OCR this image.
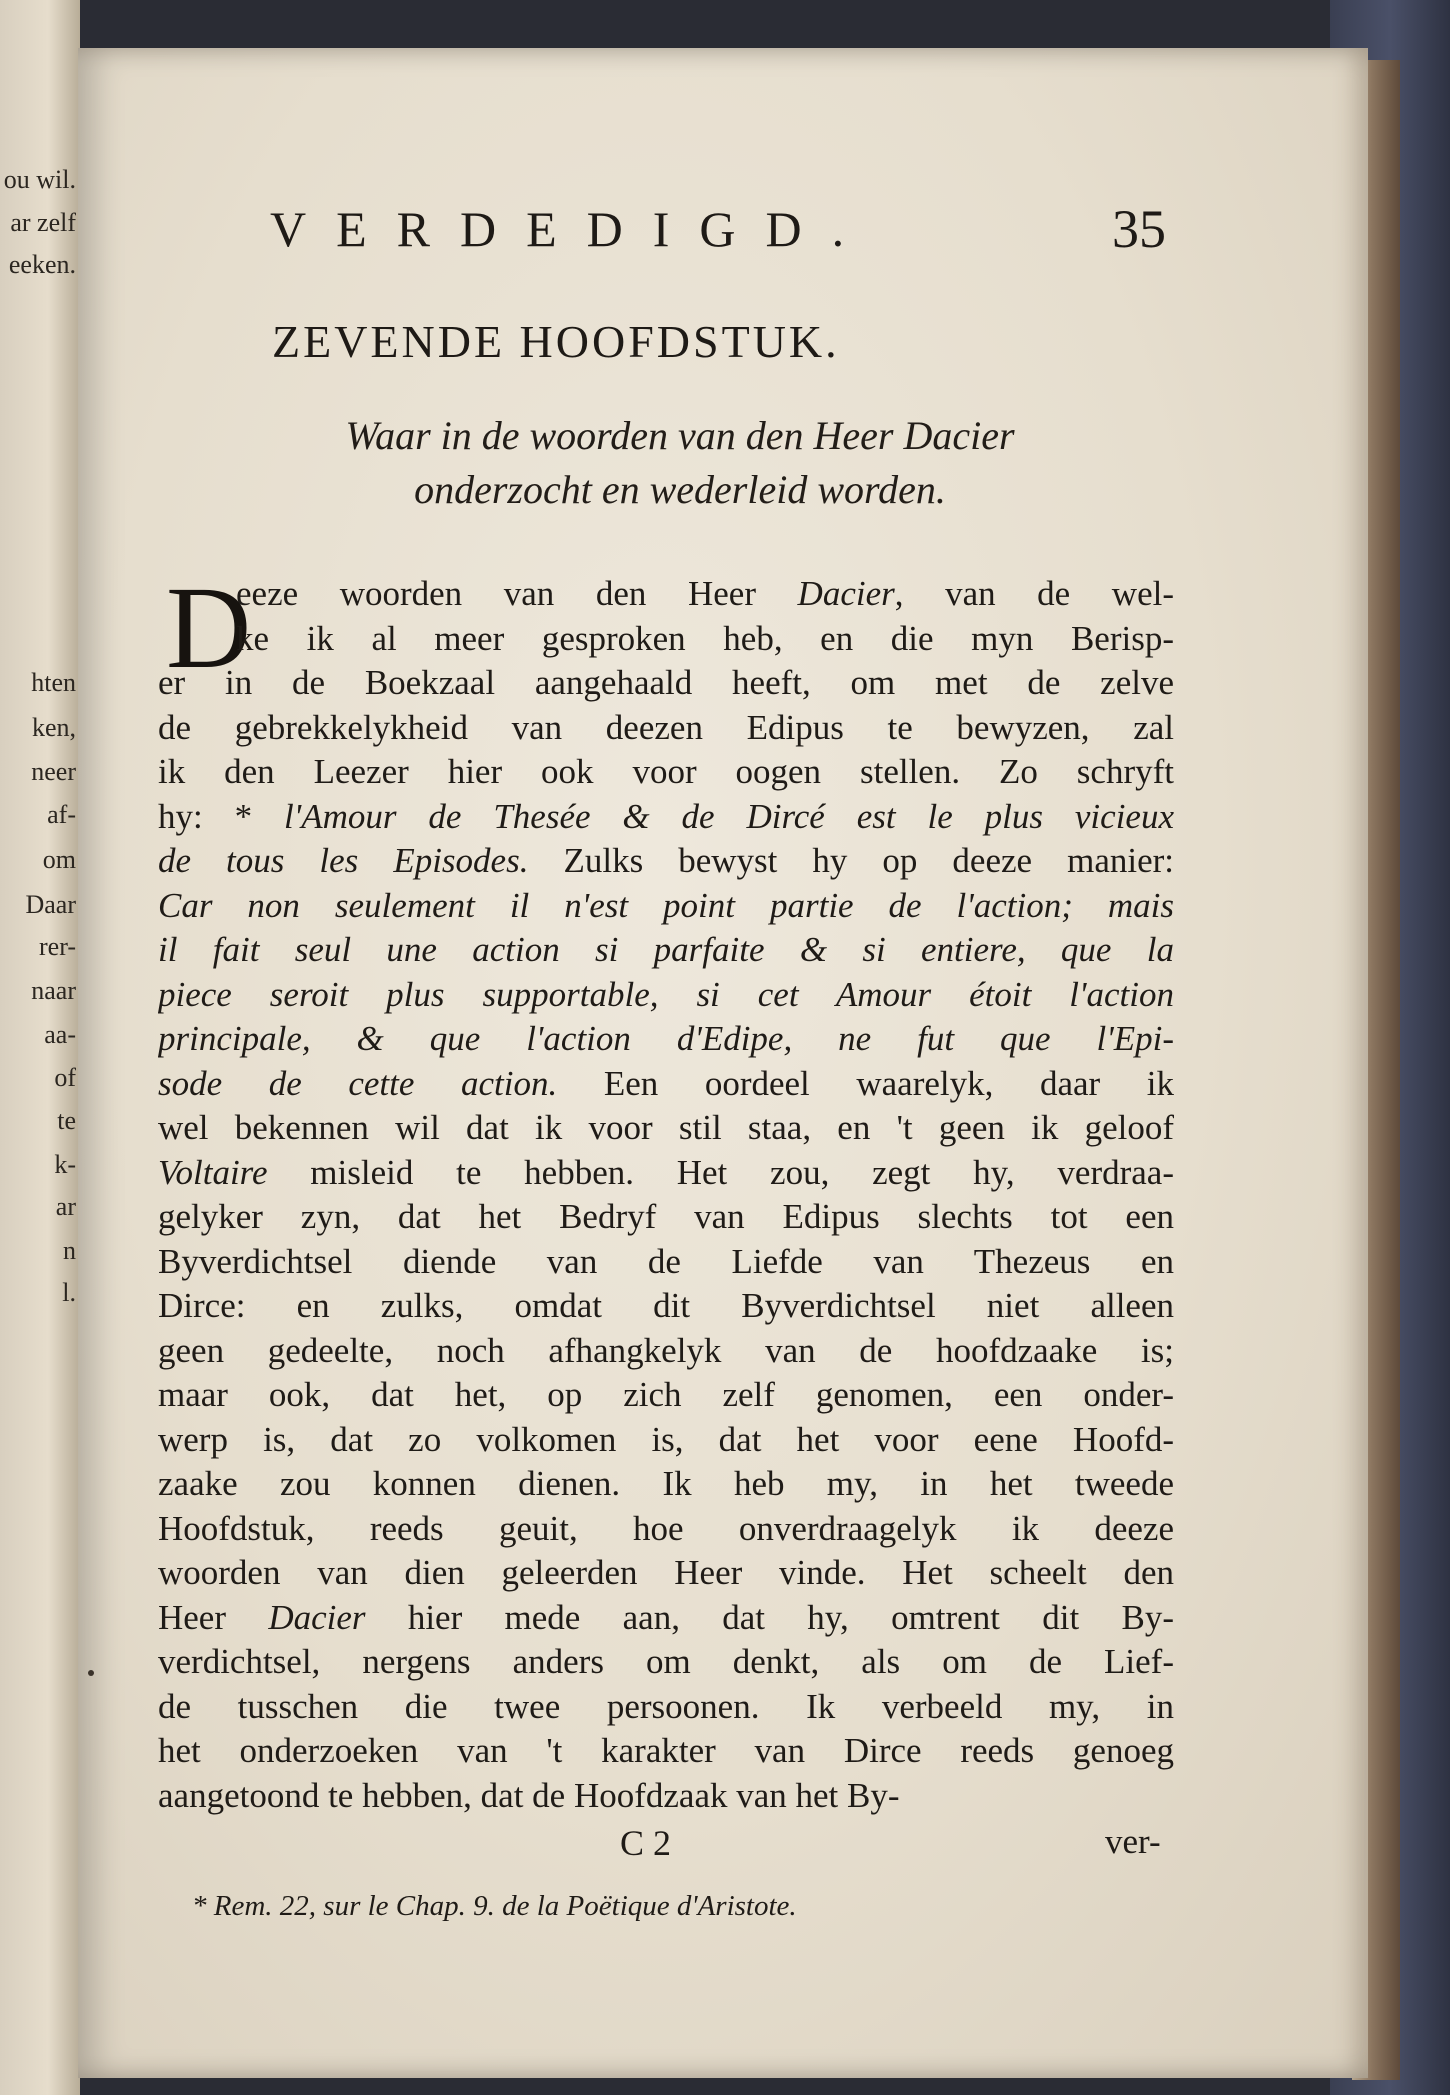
ou wil.
ar zelf
eeken.
hten
ken,
neer
af-
om
Daar
rer-
naar
aa-
of
te
k-
ar
n
l.
VERDEDIGD.	35
ZEVENDE HOOFDSTUK.
Waar in de woorden van den Heer Dacier
onderzocht en wederleid worden.
D
eeze woorden van den Heer Dacier, van de wel-
ke ik al meer gesproken heb, en die myn Berisp-
er in de Boekzaal aangehaald heeft, om met de zelve
de gebrekkelykheid van deezen Edipus te bewyzen, zal
ik den Leezer hier ook voor oogen stellen. Zo schryft
hy: * l'Amour de Thesée & de Dircé est le plus vicieux
de tous les Episodes. Zulks bewyst hy op deeze manier:
Car non seulement il n'est point partie de l'action; mais
il fait seul une action si parfaite & si entiere, que la
piece seroit plus supportable, si cet Amour étoit l'action
principale, & que l'action d'Edipe, ne fut que l'Epi-
sode de cette action. Een oordeel waarelyk, daar ik
wel bekennen wil dat ik voor stil staa, en 't geen ik geloof
Voltaire misleid te hebben. Het zou, zegt hy, verdraa-
gelyker zyn, dat het Bedryf van Edipus slechts tot een
Byverdichtsel diende van de Liefde van Thezeus en
Dirce: en zulks, omdat dit Byverdichtsel niet alleen
geen gedeelte, noch afhangkelyk van de hoofdzaake is;
maar ook, dat het, op zich zelf genomen, een onder-
werp is, dat zo volkomen is, dat het voor eene Hoofd-
zaake zou konnen dienen. Ik heb my, in het tweede
Hoofdstuk, reeds geuit, hoe onverdraagelyk ik deeze
woorden van dien geleerden Heer vinde. Het scheelt den
Heer Dacier hier mede aan, dat hy, omtrent dit By-
verdichtsel, nergens anders om denkt, als om de Lief-
de tusschen die twee persoonen. Ik verbeeld my, in
het onderzoeken van 't karakter van Dirce reeds genoeg
aangetoond te hebben, dat de Hoofdzaak van het By-
C 2	ver-
* Rem. 22, sur le Chap. 9. de la Poëtique d'Aristote.
